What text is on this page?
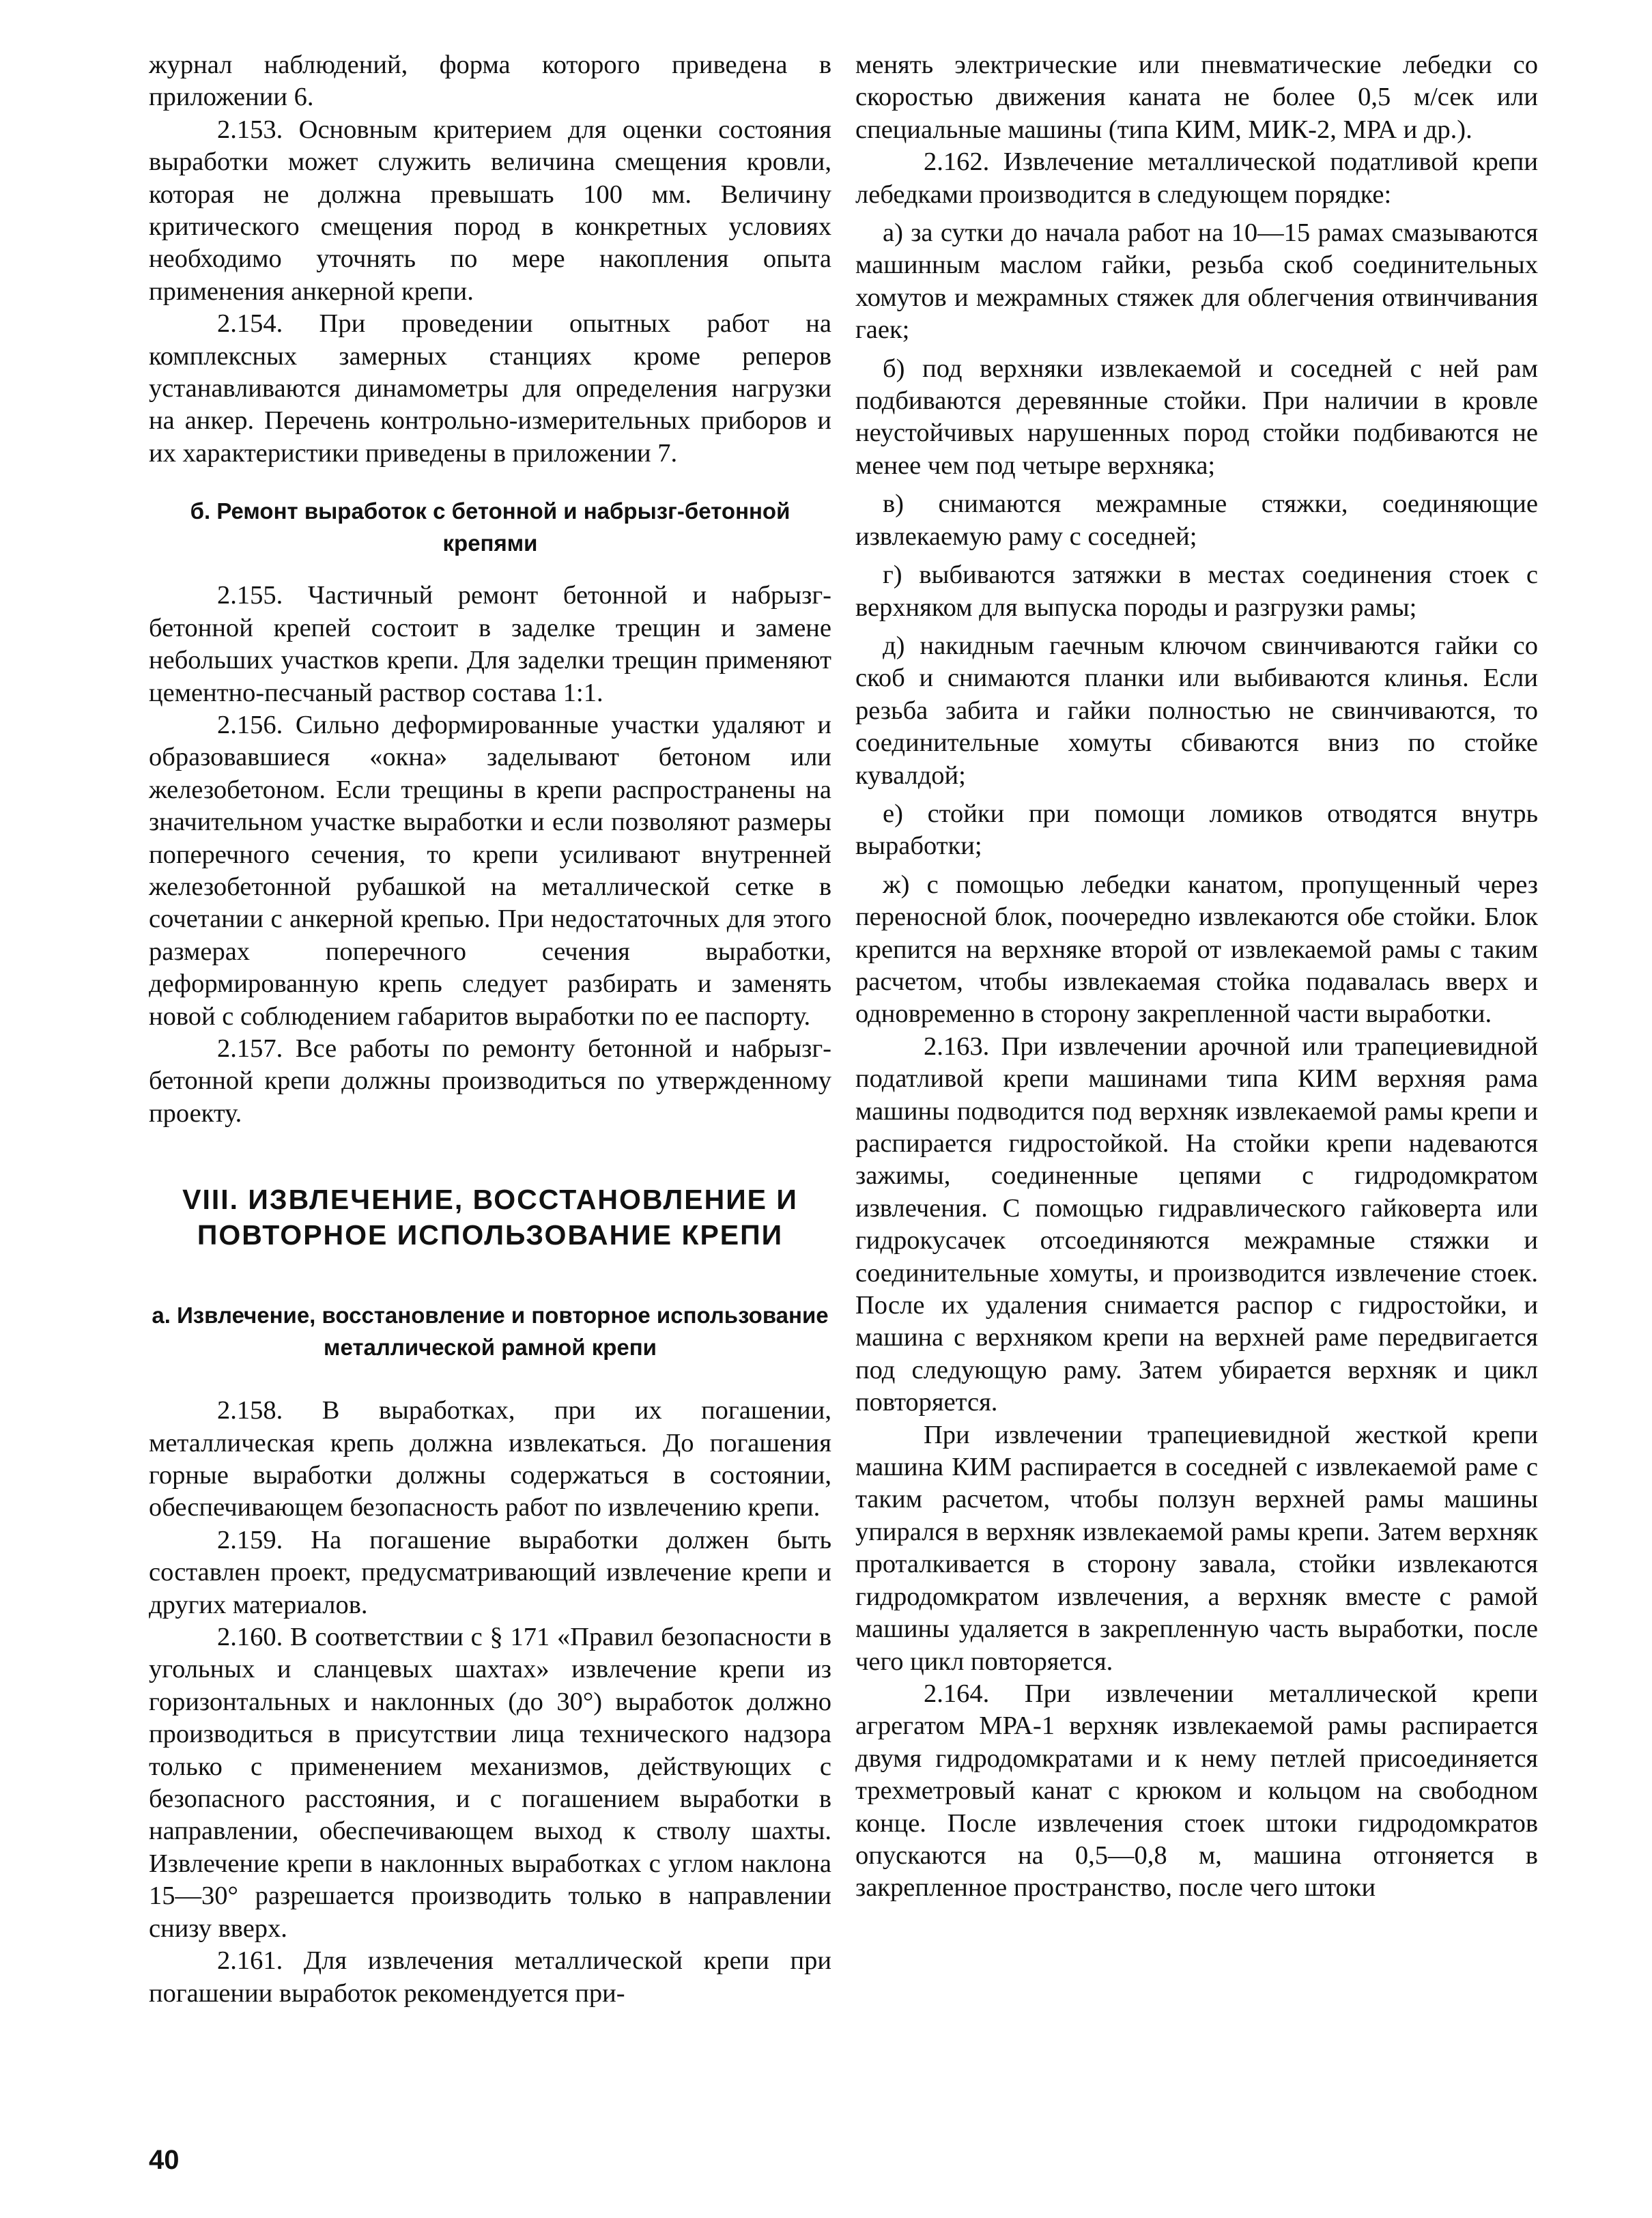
журнал наблюдений, форма которого приведена в приложении 6.

2.153. Основным критерием для оценки состояния выработки может служить величина смещения кровли, которая не должна превышать 100 мм. Величину критического смещения пород в конкретных условиях необходимо уточнять по мере накопления опыта применения анкерной крепи.

2.154. При проведении опытных работ на комплексных замерных станциях кроме реперов устанавливаются динамометры для определения нагрузки на анкер. Перечень контрольно-измерительных приборов и их характеристики приведены в приложении 7.

б. Ремонт выработок с бетонной и набрызг-бетонной крепями

2.155. Частичный ремонт бетонной и набрызг-бетонной крепей состоит в заделке трещин и замене небольших участков крепи. Для заделки трещин применяют цементно-песчаный раствор состава 1:1.

2.156. Сильно деформированные участки удаляют и образовавшиеся «окна» заделывают бетоном или железобетоном. Если трещины в крепи распространены на значительном участке выработки и если позволяют размеры поперечного сечения, то крепи усиливают внутренней железобетонной рубашкой на металлической сетке в сочетании с анкерной крепью. При недостаточных для этого размерах поперечного сечения выработки, деформированную крепь следует разбирать и заменять новой с соблюдением габаритов выработки по ее паспорту.

2.157. Все работы по ремонту бетонной и набрызг-бетонной крепи должны производиться по утвержденному проекту.

VIII. ИЗВЛЕЧЕНИЕ, ВОССТАНОВЛЕНИЕ И ПОВТОРНОЕ ИСПОЛЬЗОВАНИЕ КРЕПИ
а. Извлечение, восстановление и повторное использование металлической рамной крепи

2.158. В выработках, при их погашении, металлическая крепь должна извлекаться. До погашения горные выработки должны содержаться в состоянии, обеспечивающем безопасность работ по извлечению крепи.

2.159. На погашение выработки должен быть составлен проект, предусматривающий извлечение крепи и других материалов.

2.160. В соответствии с § 171 «Правил безопасности в угольных и сланцевых шахтах» извлечение крепи из горизонтальных и наклонных (до 30°) выработок должно производиться в присутствии лица технического надзора только с применением механизмов, действующих с безопасного расстояния, и с погашением выработки в направлении, обеспечивающем выход к стволу шахты. Извлечение крепи в наклонных выработках с углом наклона 15—30° разрешается производить только в направлении снизу вверх.

2.161. Для извлечения металлической крепи при погашении выработок рекомендуется при-

менять электрические или пневматические лебедки со скоростью движения каната не более 0,5 м/сек или специальные машины (типа КИМ, МИК-2, МРА и др.).

2.162. Извлечение металлической податливой крепи лебедками производится в следующем порядке:

а) за сутки до начала работ на 10—15 рамах смазываются машинным маслом гайки, резьба скоб соединительных хомутов и межрамных стяжек для облегчения отвинчивания гаек;

б) под верхняки извлекаемой и соседней с ней рам подбиваются деревянные стойки. При наличии в кровле неустойчивых нарушенных пород стойки подбиваются не менее чем под четыре верхняка;

в) снимаются межрамные стяжки, соединяющие извлекаемую раму с соседней;

г) выбиваются затяжки в местах соединения стоек с верхняком для выпуска породы и разгрузки рамы;

д) накидным гаечным ключом свинчиваются гайки со скоб и снимаются планки или выбиваются клинья. Если резьба забита и гайки полностью не свинчиваются, то соединительные хомуты сбиваются вниз по стойке кувалдой;

е) стойки при помощи ломиков отводятся внутрь выработки;

ж) с помощью лебедки канатом, пропущенный через переносной блок, поочередно извлекаются обе стойки. Блок крепится на верхняке второй от извлекаемой рамы с таким расчетом, чтобы извлекаемая стойка подавалась вверх и одновременно в сторону закрепленной части выработки.

2.163. При извлечении арочной или трапециевидной податливой крепи машинами типа КИМ верхняя рама машины подводится под верхняк извлекаемой рамы крепи и распирается гидростойкой. На стойки крепи надеваются зажимы, соединенные цепями с гидродомкратом извлечения. С помощью гидравлического гайковерта или гидрокусачек отсоединяются межрамные стяжки и соединительные хомуты, и производится извлечение стоек. После их удаления снимается распор с гидростойки, и машина с верхняком крепи на верхней раме передвигается под следующую раму. Затем убирается верхняк и цикл повторяется.

При извлечении трапециевидной жесткой крепи машина КИМ распирается в соседней с извлекаемой раме с таким расчетом, чтобы ползун верхней рамы машины упирался в верхняк извлекаемой рамы крепи. Затем верхняк проталкивается в сторону завала, стойки извлекаются гидродомкратом извлечения, а верхняк вместе с рамой машины удаляется в закрепленную часть выработки, после чего цикл повторяется.

2.164. При извлечении металлической крепи агрегатом МРА-1 верхняк извлекаемой рамы распирается двумя гидродомкратами и к нему петлей присоединяется трехметровый канат с крюком и кольцом на свободном конце. После извлечения стоек штоки гидродомкратов опускаются на 0,5—0,8 м, машина отгоняется в закрепленное пространство, после чего штоки

40
